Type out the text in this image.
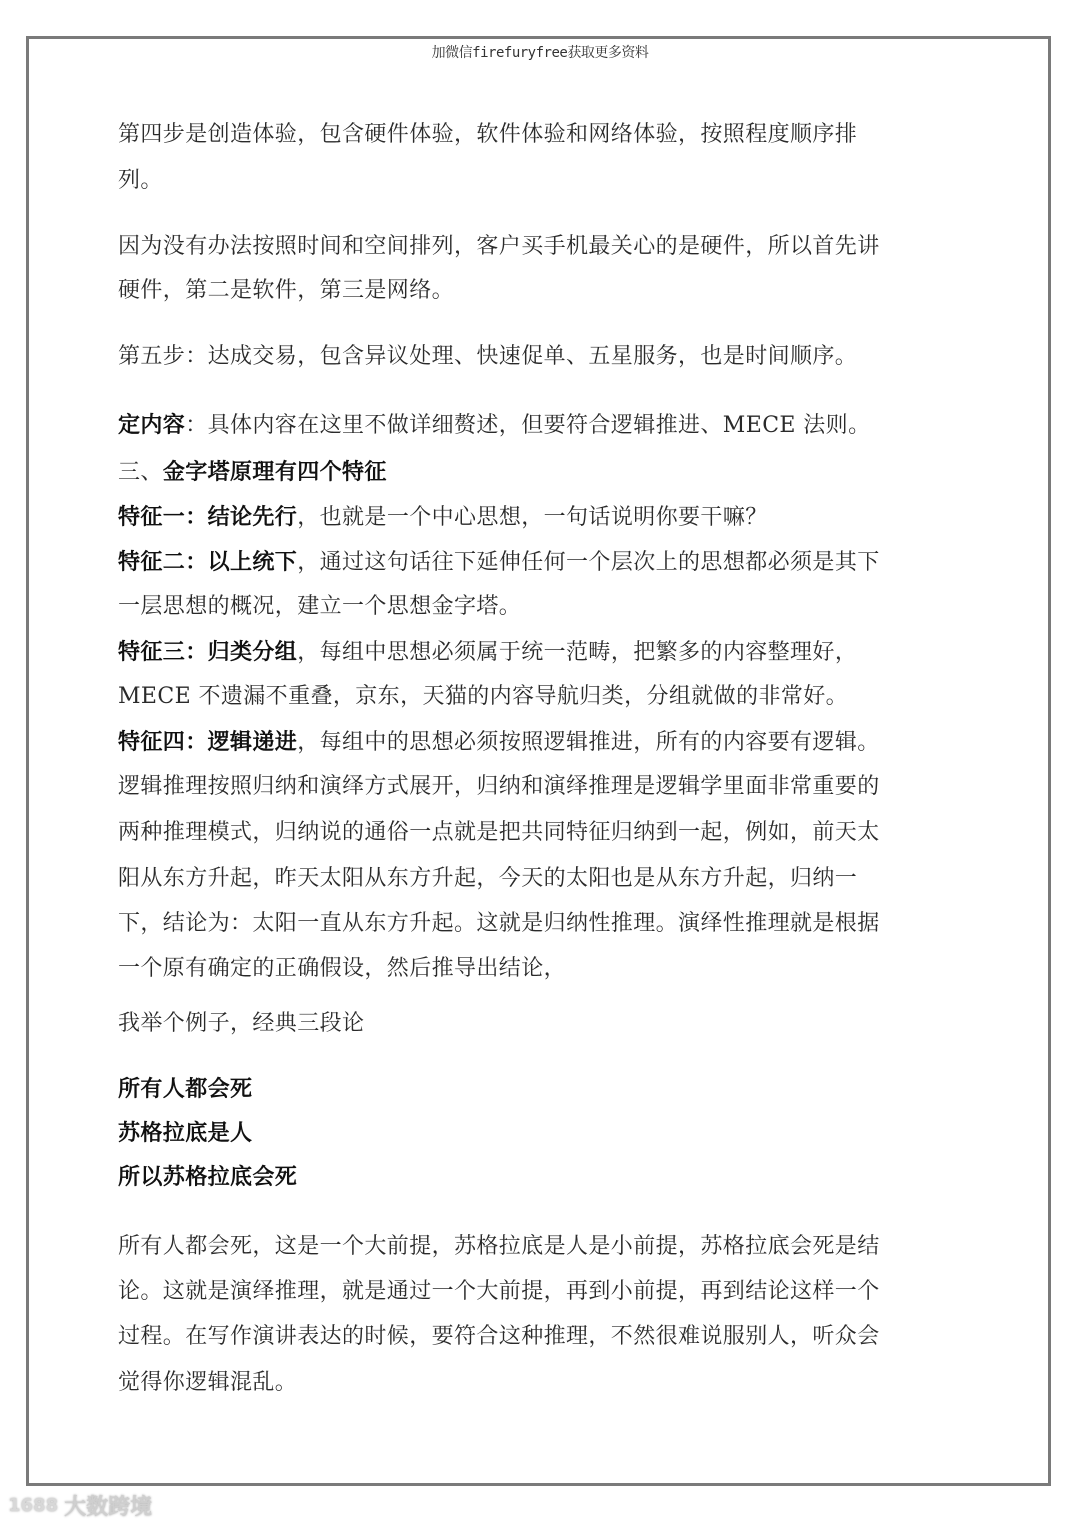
加微信firefuryfree获取更多资料
第四步是创造体验，包含硬件体验，软件体验和网络体验，按照程度顺序排
列。
因为没有办法按照时间和空间排列，客户买手机最关心的是硬件，所以首先讲
硬件，第二是软件，第三是网络。
第五步：达成交易，包含异议处理、快速促单、五星服务，也是时间顺序。
定内容：具体内容在这里不做详细赘述，但要符合逻辑推进、MECE 法则。
三、金字塔原理有四个特征
特征一：结论先行，也就是一个中心思想，一句话说明你要干嘛？
特征二：以上统下，通过这句话往下延伸任何一个层次上的思想都必须是其下
一层思想的概况，建立一个思想金字塔。
特征三：归类分组，每组中思想必须属于统一范畴，把繁多的内容整理好，
MECE 不遗漏不重叠，京东，天猫的内容导航归类，分组就做的非常好。
特征四：逻辑递进，每组中的思想必须按照逻辑推进，所有的内容要有逻辑。
逻辑推理按照归纳和演绎方式展开，归纳和演绎推理是逻辑学里面非常重要的
两种推理模式，归纳说的通俗一点就是把共同特征归纳到一起，例如，前天太
阳从东方升起，昨天太阳从东方升起，今天的太阳也是从东方升起，归纳一
下，结论为：太阳一直从东方升起。这就是归纳性推理。演绎性推理就是根据
一个原有确定的正确假设，然后推导出结论，
我举个例子，经典三段论
所有人都会死
苏格拉底是人
所以苏格拉底会死
所有人都会死，这是一个大前提，苏格拉底是人是小前提，苏格拉底会死是结
论。这就是演绎推理，就是通过一个大前提，再到小前提，再到结论这样一个
过程。在写作演讲表达的时候，要符合这种推理，不然很难说服别人，听众会
觉得你逻辑混乱。
1688 大数跨境
